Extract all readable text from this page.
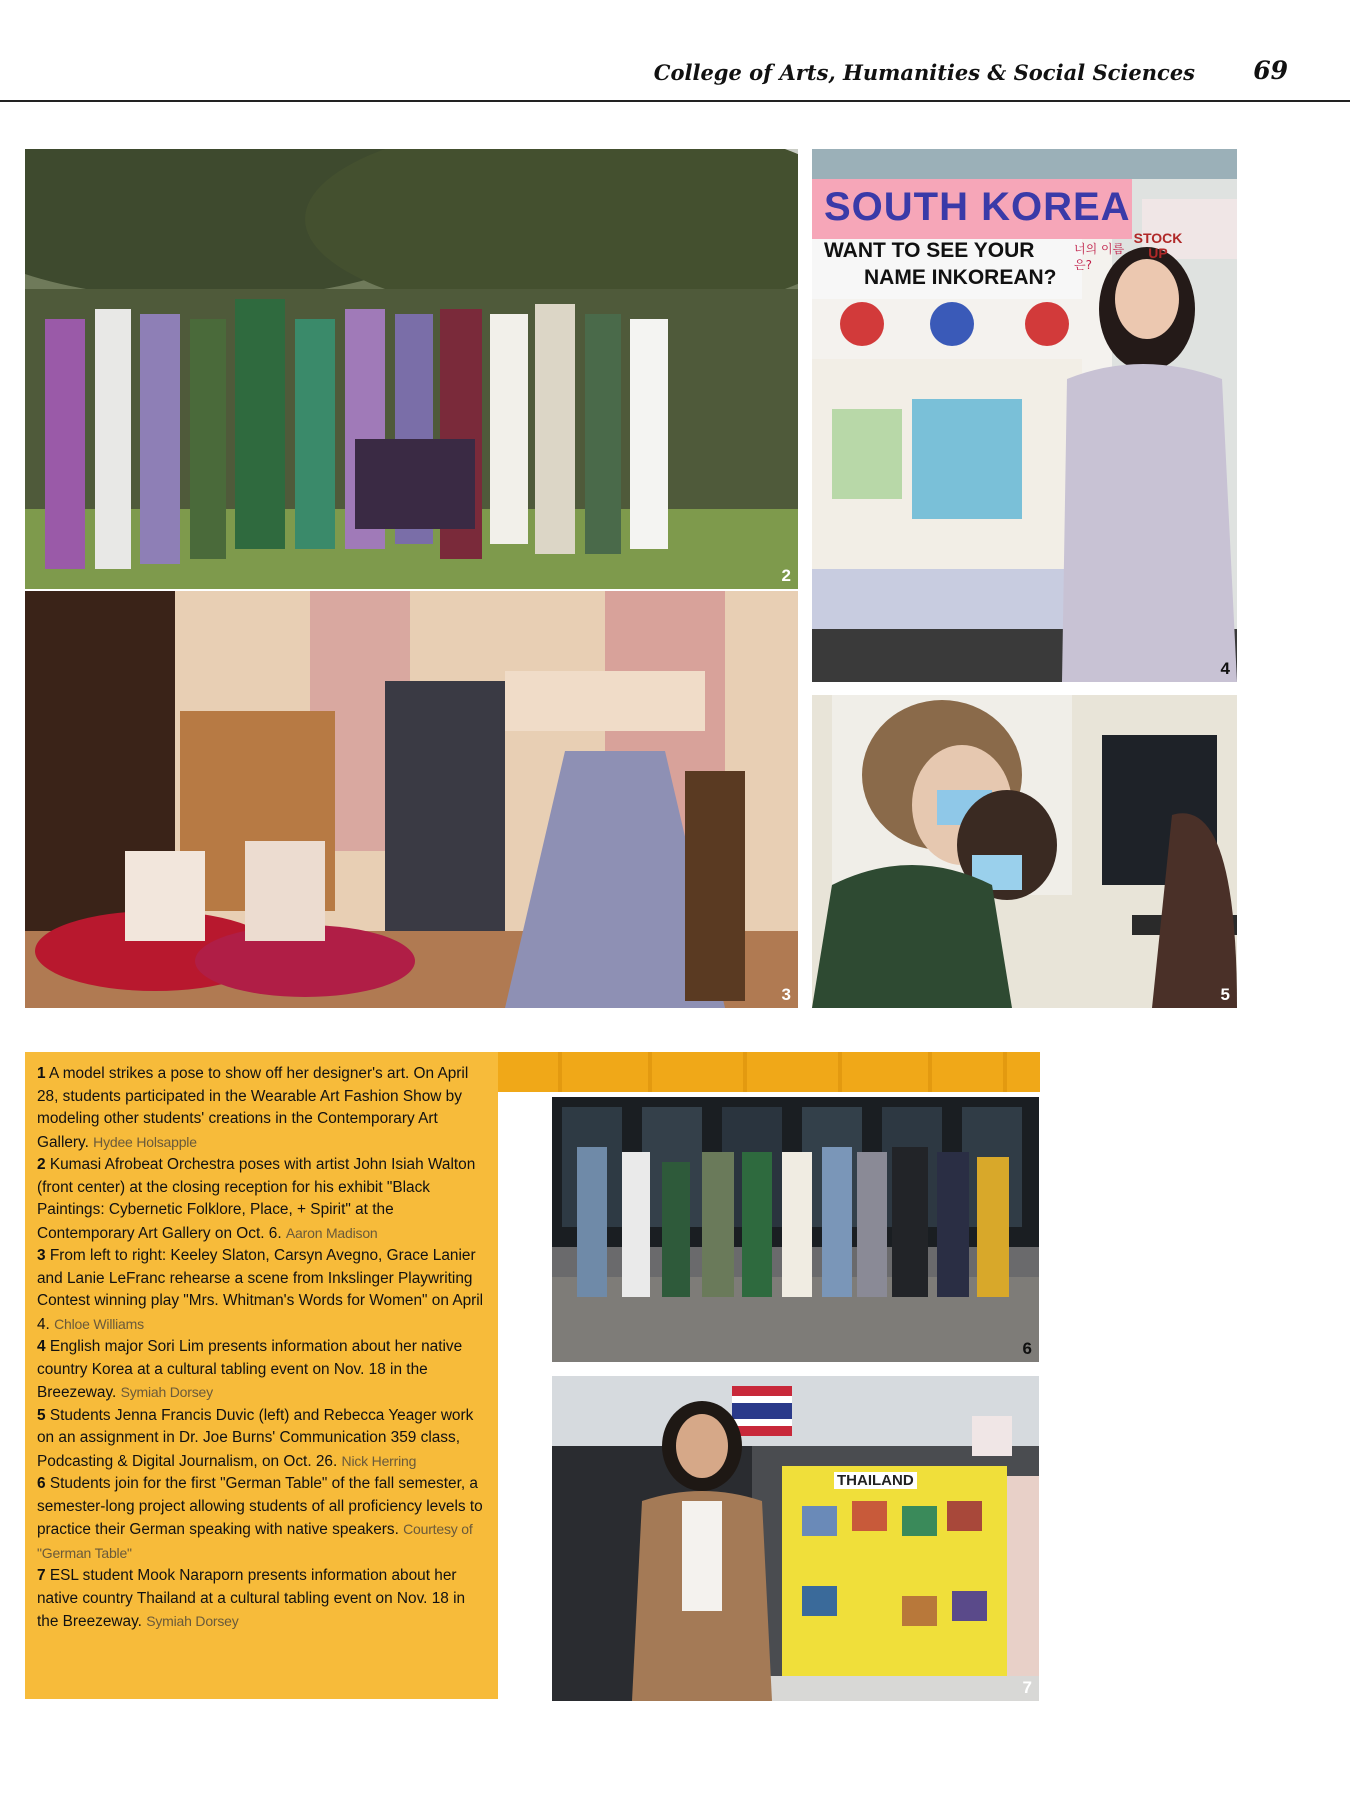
College of Arts, Humanities & Social Sciences 69
2
3
SOUTH KOREA
WANT TO SEE YOUR
NAME INKOREAN?
너의 이름은?
STOCK UP
4
5

1 A model strikes a pose to show off her designer's art. On April 28, students participated in the Wearable Art Fashion Show by modeling other students' creations in the Contemporary Art Gallery. Hydee Holsapple

2 Kumasi Afrobeat Orchestra poses with artist John Isiah Walton (front center) at the closing reception for his exhibit "Black Paintings: Cybernetic Folklore, Place, + Spirit" at the Contemporary Art Gallery on Oct. 6. Aaron Madison

3 From left to right: Keeley Slaton, Carsyn Avegno, Grace Lanier and Lanie LeFranc rehearse a scene from Inkslinger Playwriting Contest winning play "Mrs. Whitman's Words for Women" on April 4. Chloe Williams

4 English major Sori Lim presents information about her native country Korea at a cultural tabling event on Nov. 18 in the Breezeway. Symiah Dorsey

5 Students Jenna Francis Duvic (left) and Rebecca Yeager work on an assignment in Dr. Joe Burns' Communication 359 class, Podcasting & Digital Journalism, on Oct. 26. Nick Herring

6 Students join for the first "German Table" of the fall semester, a semester-long project allowing students of all proficiency levels to practice their German speaking with native speakers. Courtesy of "German Table"

7 ESL student Mook Naraporn presents information about her native country Thailand at a cultural tabling event on Nov. 18 in the Breezeway. Symiah Dorsey

6
THAILAND
7
